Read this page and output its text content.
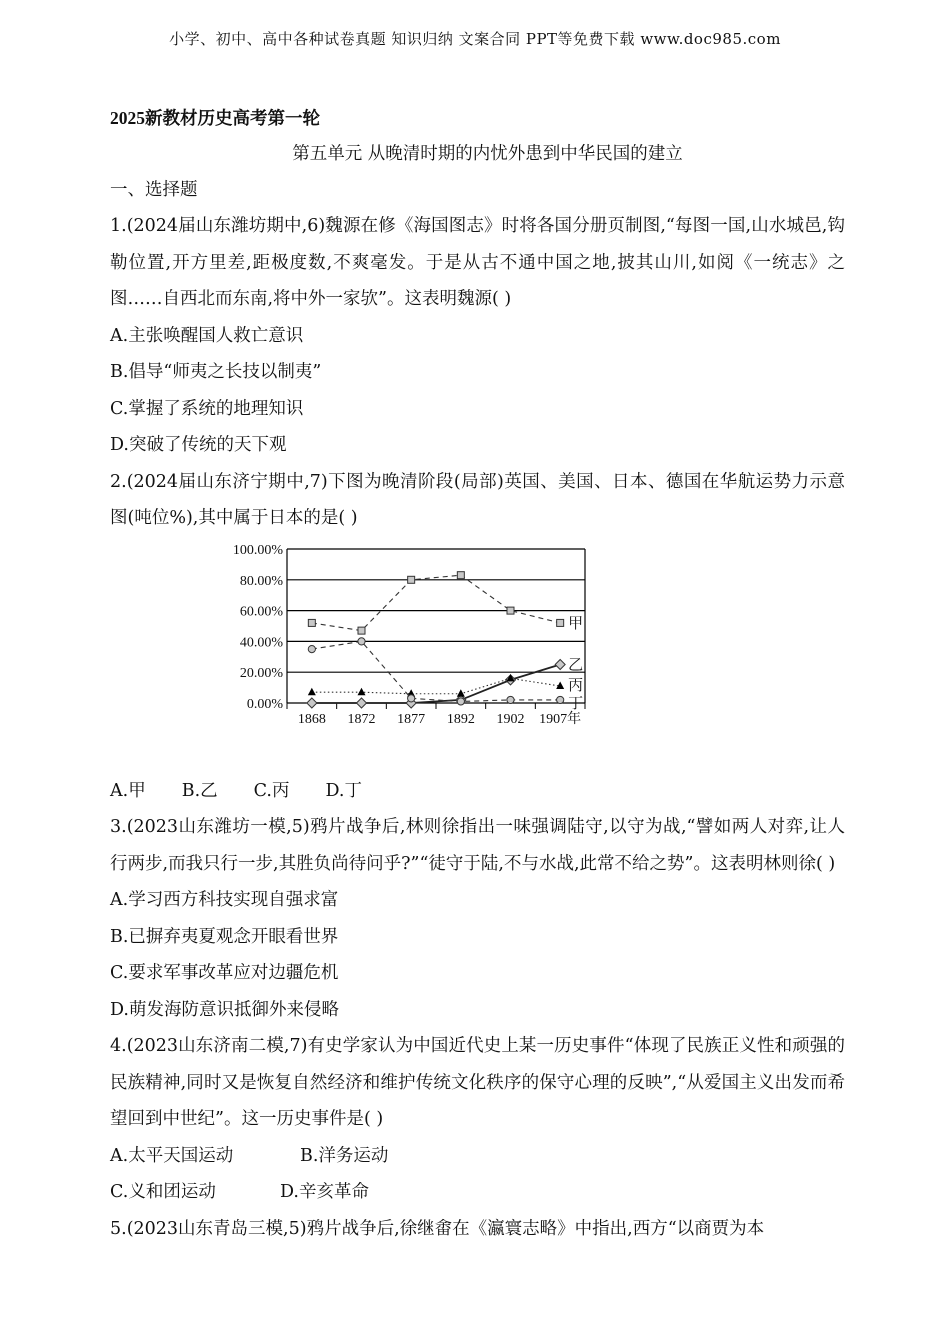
小学、初中、高中各种试卷真题 知识归纳 文案合同 PPT等免费下载 www.doc985.com

2025新教材历史高考第一轮

第五单元 从晚清时期的内忧外患到中华民国的建立

一、选择题

1.(2024届山东潍坊期中,6)魏源在修《海国图志》时将各国分册页制图,“每图一国,山水城邑,钩勒位置,开方里差,距极度数,不爽毫发。于是从古不通中国之地,披其山川,如阅《一统志》之图……自西北而东南,将中外一家欤”。这表明魏源( )

A.主张唤醒国人救亡意识

B.倡导“师夷之长技以制夷”

C.掌握了系统的地理知识

D.突破了传统的天下观

2.(2024届山东济宁期中,7)下图为晚清阶段(局部)英国、美国、日本、德国在华航运势力示意图(吨位%),其中属于日本的是( )

0.00%
20.00%
40.00%
60.00%
80.00%
100.00%
1868 1872 1877 1892 1902 1907年
甲
乙
丙
丁
A.甲 B.乙 C.丙 D.丁

3.(2023山东潍坊一模,5)鸦片战争后,林则徐指出一味强调陆守,以守为战,“譬如两人对弈,让人行两步,而我只行一步,其胜负尚待问乎?”“徒守于陆,不与水战,此常不给之势”。这表明林则徐( )

A.学习西方科技实现自强求富

B.已摒弃夷夏观念开眼看世界

C.要求军事改革应对边疆危机

D.萌发海防意识抵御外来侵略

4.(2023山东济南二模,7)有史学家认为中国近代史上某一历史事件“体现了民族正义性和顽强的民族精神,同时又是恢复自然经济和维护传统文化秩序的保守心理的反映”,“从爱国主义出发而希望回到中世纪”。这一历史事件是( )

A.太平天国运动	B.洋务运动
C.义和团运动	D.辛亥革命

5.(2023山东青岛三模,5)鸦片战争后,徐继畬在《瀛寰志略》中指出,西方“以商贾为本
